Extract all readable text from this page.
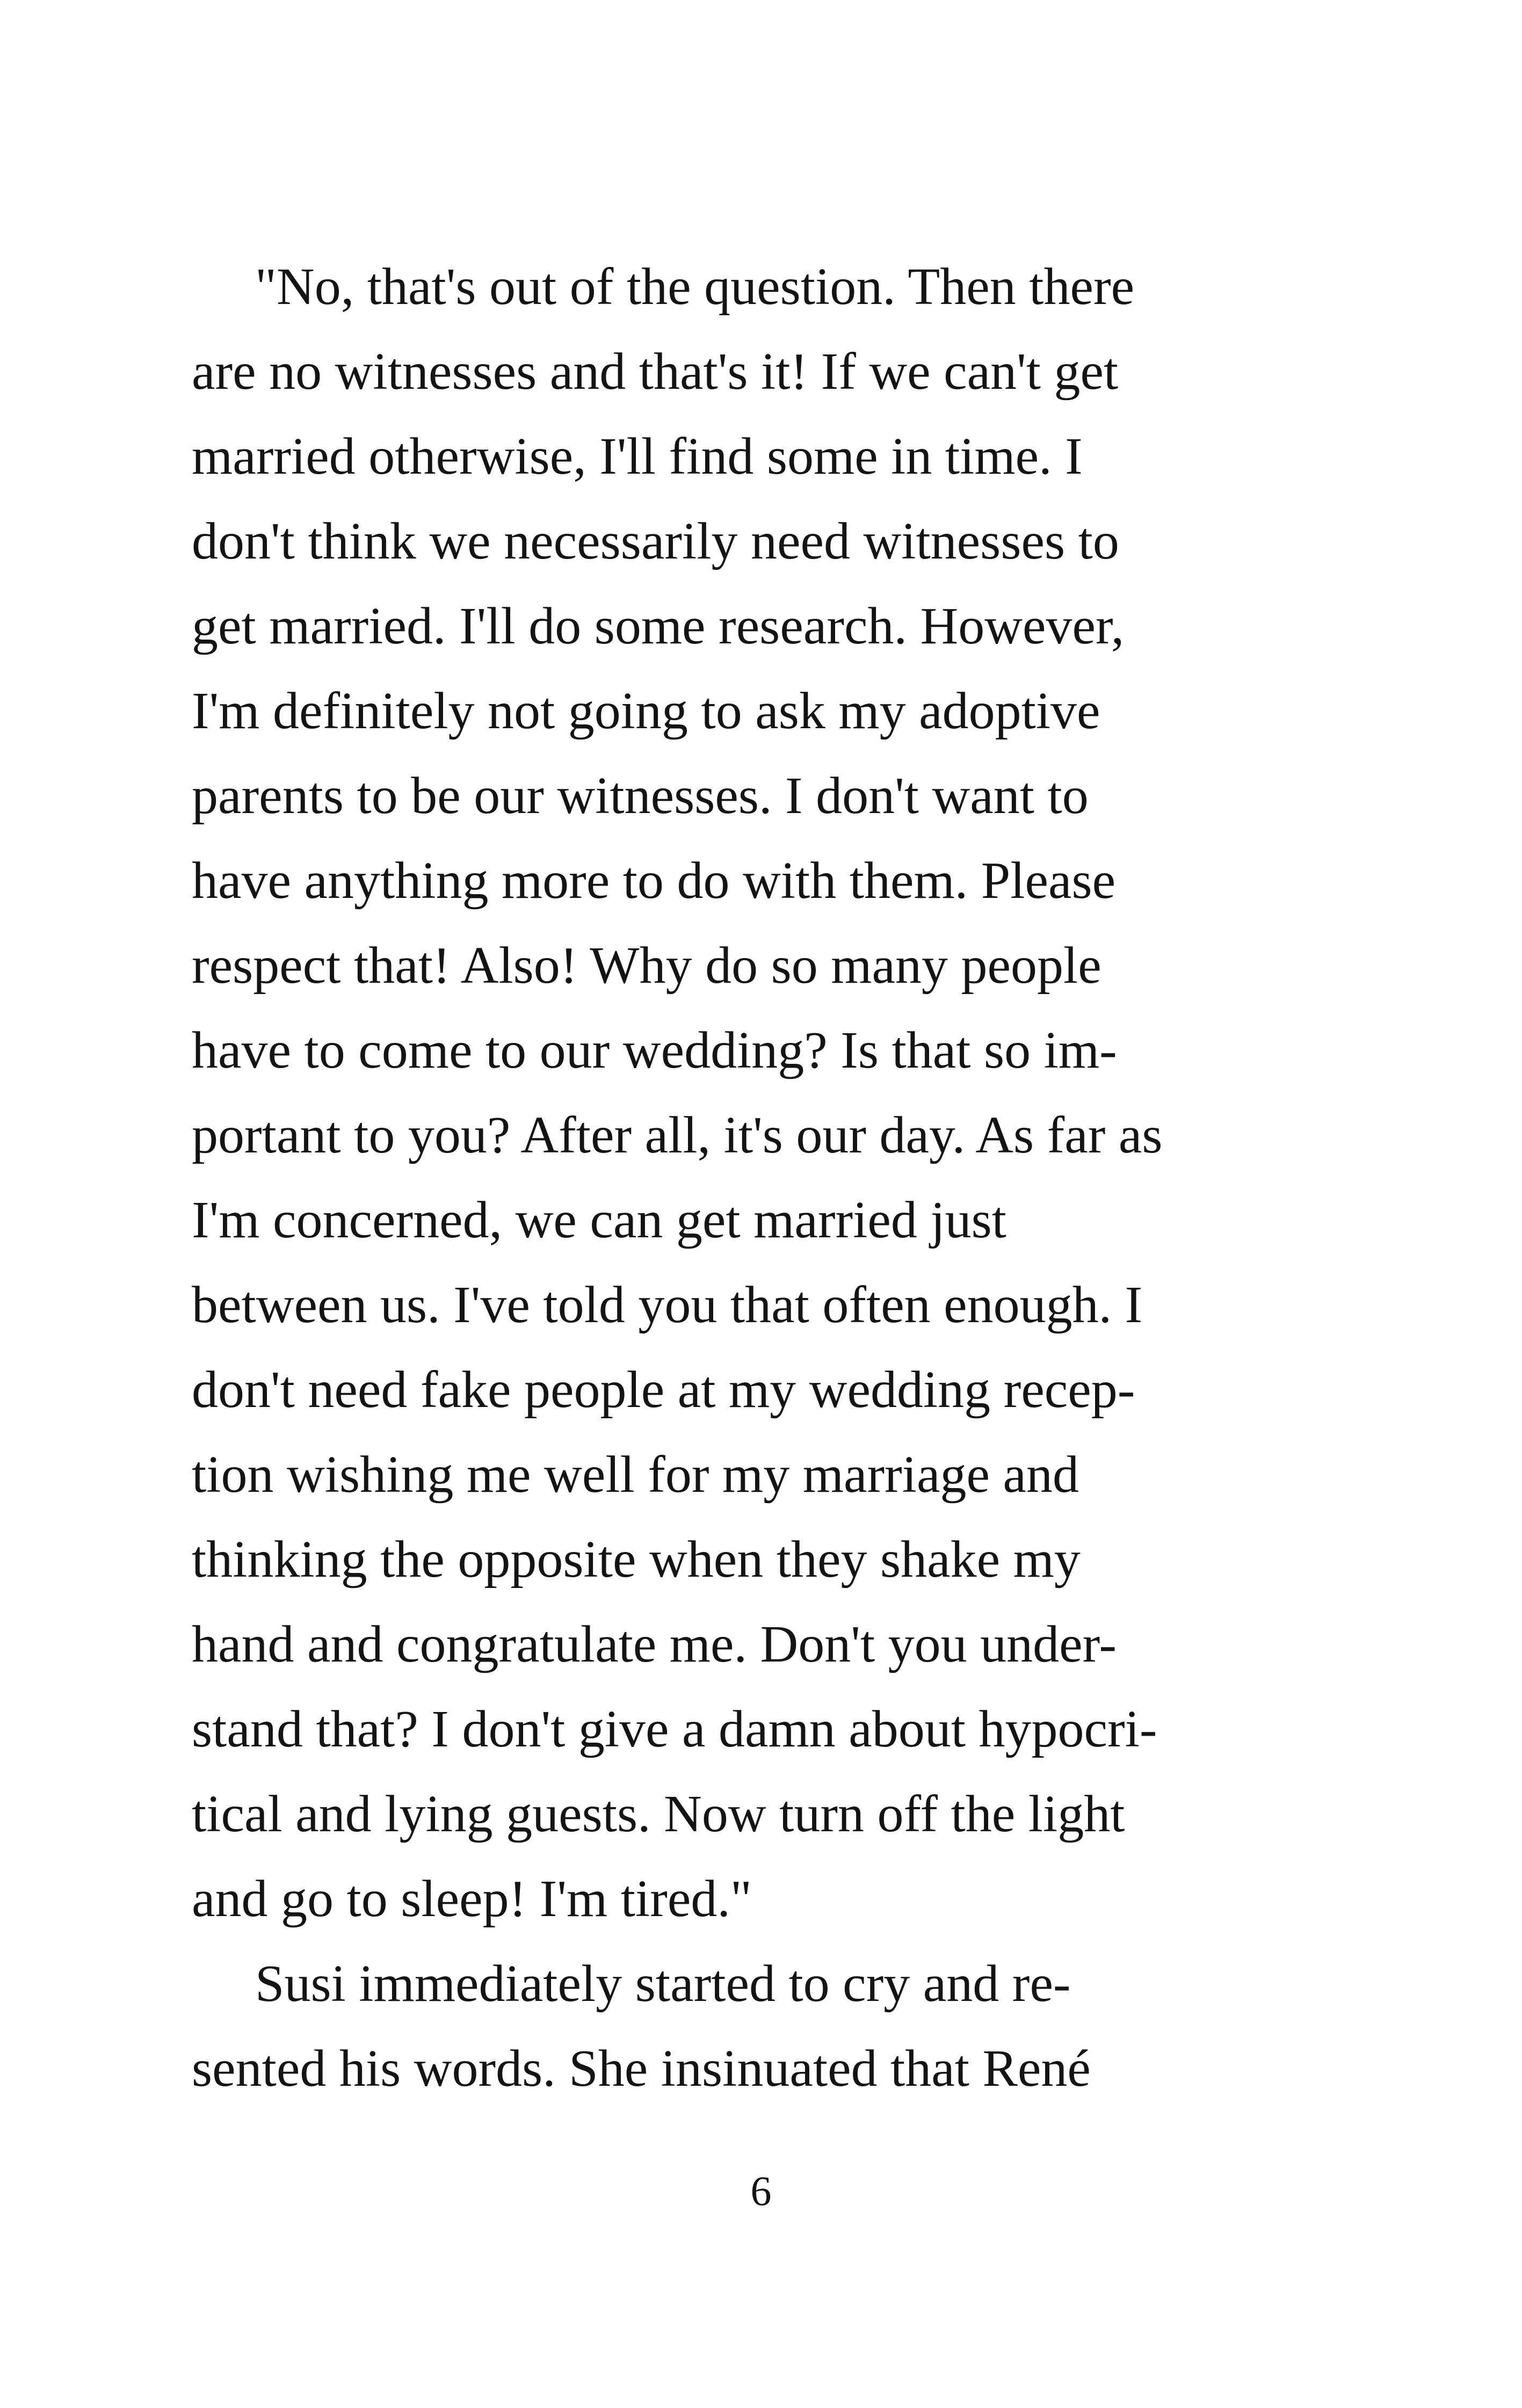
"No, that's out of the question. Then there
are no witnesses and that's it! If we can't get
married otherwise, I'll find some in time. I
don't think we necessarily need witnesses to
get married. I'll do some research. However,
I'm definitely not going to ask my adoptive
parents to be our witnesses. I don't want to
have anything more to do with them. Please
respect that! Also! Why do so many people
have to come to our wedding? Is that so im-
portant to you? After all, it's our day. As far as
I'm concerned, we can get married just
between us. I've told you that often enough. I
don't need fake people at my wedding recep-
tion wishing me well for my marriage and
thinking the opposite when they shake my
hand and congratulate me. Don't you under-
stand that? I don't give a damn about hypocri-
tical and lying guests. Now turn off the light
and go to sleep! I'm tired."
Susi immediately started to cry and re-
sented his words. She insinuated that René
6
